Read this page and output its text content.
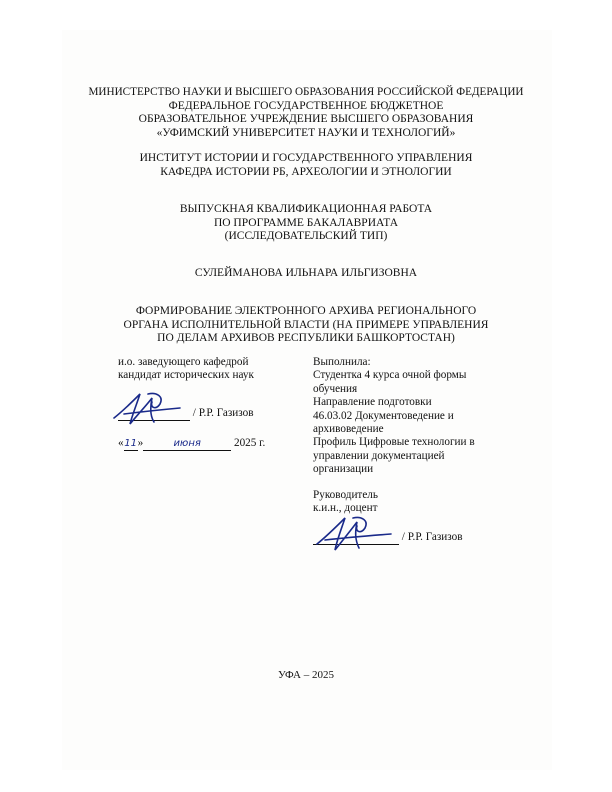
МИНИСТЕРСТВО НАУКИ И ВЫСШЕГО ОБРАЗОВАНИЯ РОССИЙСКОЙ ФЕДЕРАЦИИ
ФЕДЕРАЛЬНОЕ ГОСУДАРСТВЕННОЕ БЮДЖЕТНОЕ
ОБРАЗОВАТЕЛЬНОЕ УЧРЕЖДЕНИЕ ВЫСШЕГО ОБРАЗОВАНИЯ
«УФИМСКИЙ УНИВЕРСИТЕТ НАУКИ И ТЕХНОЛОГИЙ»
ИНСТИТУТ ИСТОРИИ И ГОСУДАРСТВЕННОГО УПРАВЛЕНИЯ
КАФЕДРА ИСТОРИИ РБ, АРХЕОЛОГИИ И ЭТНОЛОГИИ
ВЫПУСКНАЯ КВАЛИФИКАЦИОННАЯ РАБОТА
ПО ПРОГРАММЕ БАКАЛАВРИАТА
(ИССЛЕДОВАТЕЛЬСКИЙ ТИП)
СУЛЕЙМАНОВА ИЛЬНАРА ИЛЬГИЗОВНА
ФОРМИРОВАНИЕ ЭЛЕКТРОННОГО АРХИВА РЕГИОНАЛЬНОГО
ОРГАНА ИСПОЛНИТЕЛЬНОЙ ВЛАСТИ (НА ПРИМЕРЕ УПРАВЛЕНИЯ
ПО ДЕЛАМ АРХИВОВ РЕСПУБЛИКИ БАШКОРТОСТАН)
и.о. заведующего кафедрой
кандидат исторических наук
/ Р.Р. Газизов
«11»	июня	2025 г.
Выполнила:
Студентка 4 курса очной формы
обучения
Направление подготовки
46.03.02 Документоведение и
архивоведение
Профиль Цифровые технологии в
управлении документацией
организации
Руководитель
к.и.н., доцент
/ Р.Р. Газизов
УФА – 2025
